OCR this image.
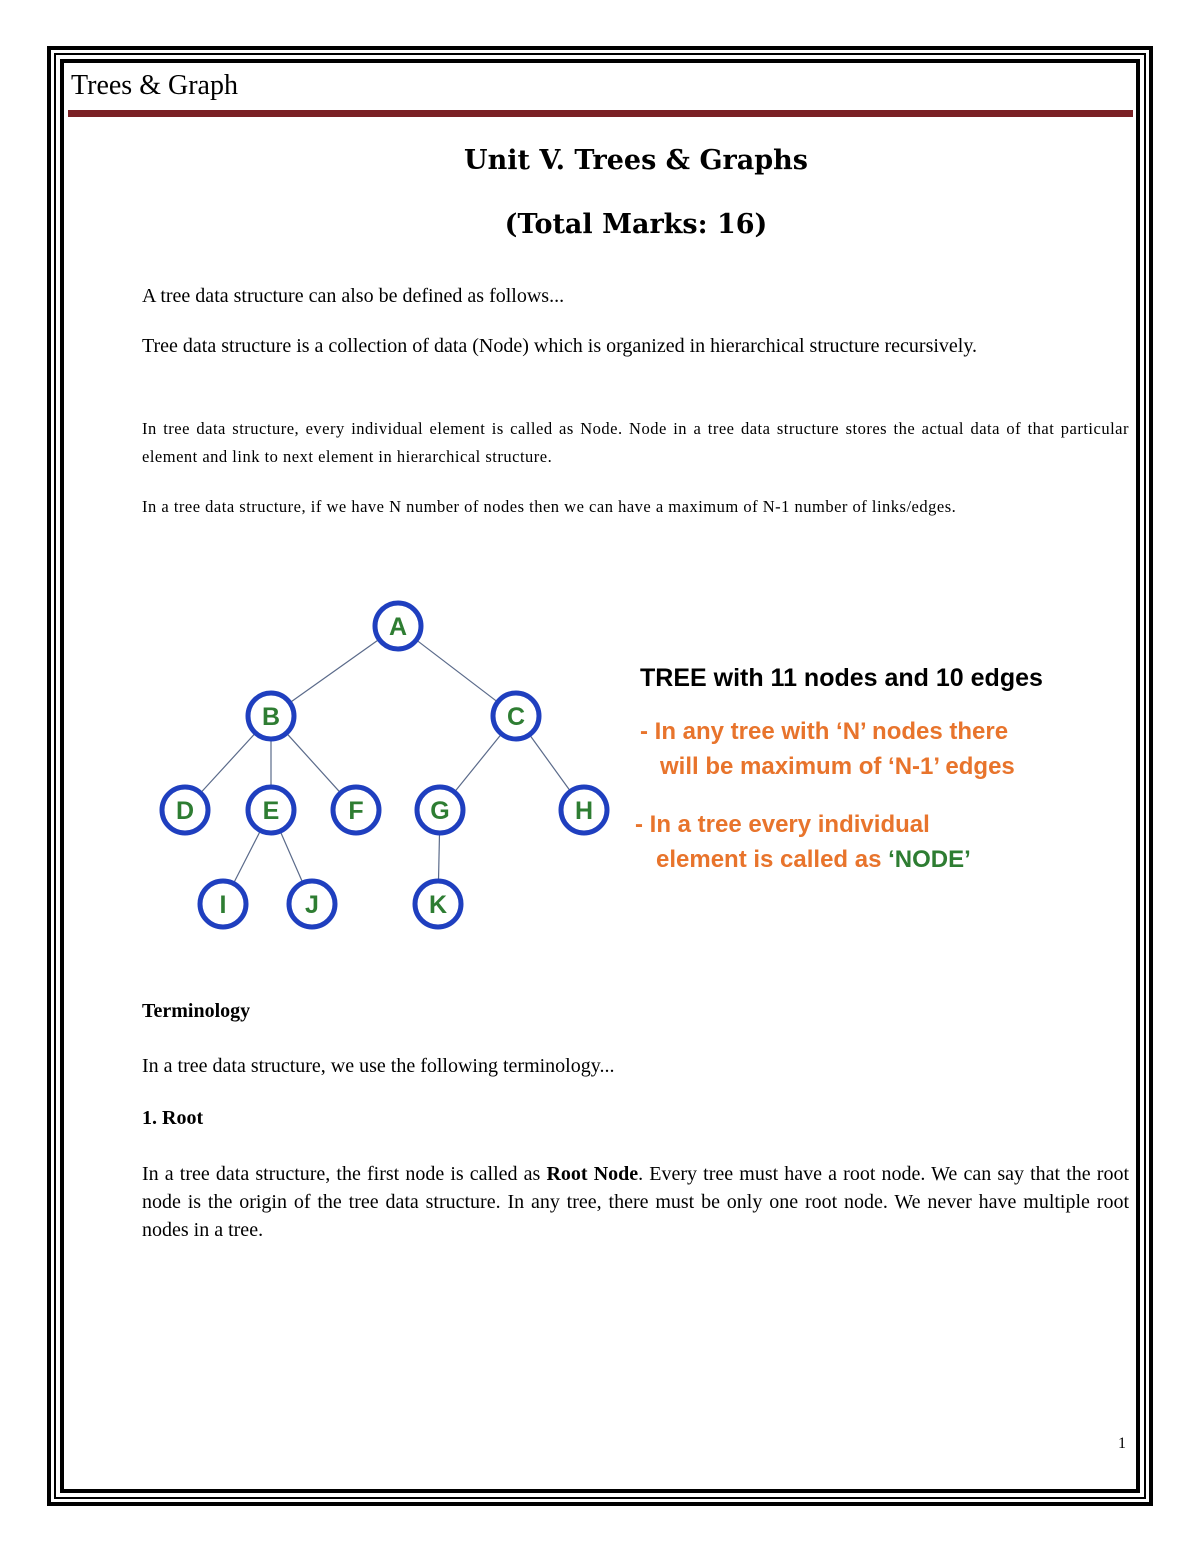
Trees & Graph
Unit V. Trees & Graphs
(Total Marks: 16)
A tree data structure can also be defined as follows...
Tree data structure is a collection of data (Node) which is organized in hierarchical structure recursively.
In tree data structure, every individual element is called as Node. Node in a tree data structure stores the actual data of that particular element and link to next element in hierarchical structure.
In a tree data structure, if we have N number of nodes then we can have a maximum of N-1 number of links/edges.
A
B	C
D	E	F	G	H
I	J	K
TREE with 11 nodes and 10 edges
- In any tree with ‘N’ nodes there
will be maximum of ‘N-1’ edges
- In a tree every individual
element is called as ‘NODE’
Terminology
In a tree data structure, we use the following terminology...
1. Root
In a tree data structure, the first node is called as Root Node. Every tree must have a root node. We can say that the root node is the origin of the tree data structure. In any tree, there must be only one root node. We never have multiple root nodes in a tree.
1
